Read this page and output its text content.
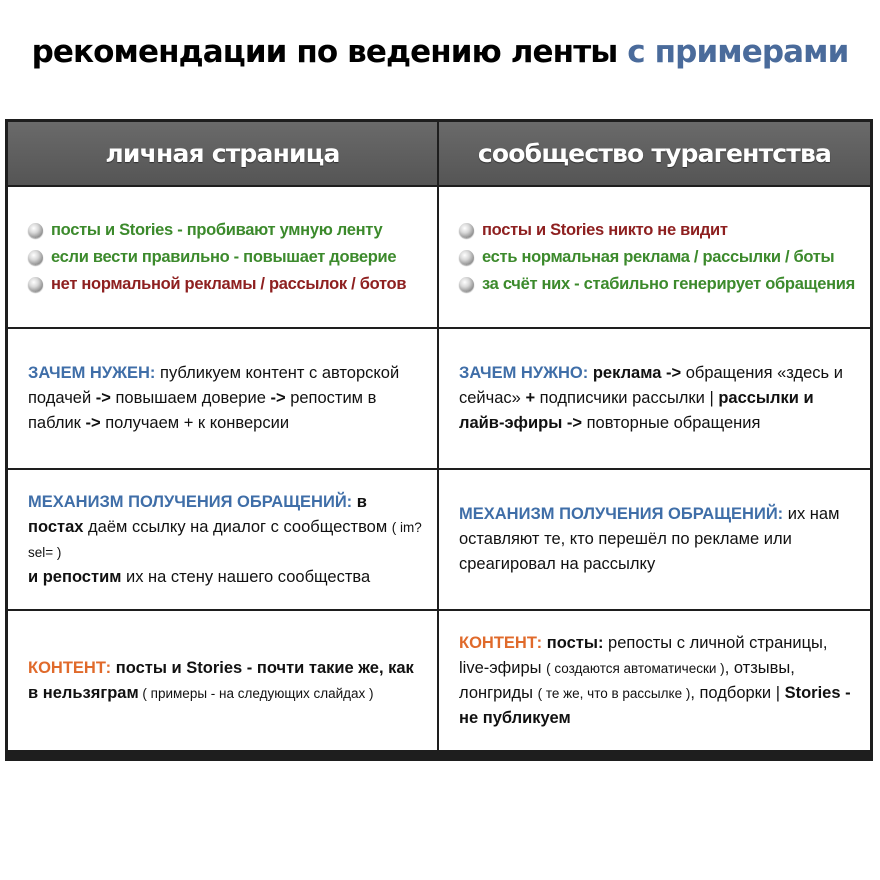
рекомендации по ведению ленты с примерами
личная страница	сообщество турагентства
посты и Stories - пробивают умную ленту
если вести правильно - повышает доверие
нет нормальной рекламы / рассылок / ботов
посты и Stories никто не видит
есть нормальная реклама / рассылки / боты
за счёт них - стабильно генерирует обращения

ЗАЧЕМ НУЖЕН: публикуем контент с авторской подачей -> повышаем доверие -> репостим в паблик -> получаем + к конверсии

ЗАЧЕМ НУЖНО: реклама -> обращения «здесь и сейчас» + подписчики рассылки | рассылки и лайв-эфиры -> повторные обращения

МЕХАНИЗМ ПОЛУЧЕНИЯ ОБРАЩЕНИЙ: в постах даём ссылку на диалог с сообществом ( im?sel= )
и репостим их на стену нашего сообщества

МЕХАНИЗМ ПОЛУЧЕНИЯ ОБРАЩЕНИЙ: их нам оставляют те, кто перешёл по рекламе или среагировал на рассылку

КОНТЕНТ: посты и Stories - почти такие же, как в нельзяграм ( примеры - на следующих слайдах )

КОНТЕНТ: посты: репосты с личной страницы, live-эфиры ( создаются автоматически ), отзывы, лонгриды ( те же, что в рассылке ), подборки | Stories - не публикуем
